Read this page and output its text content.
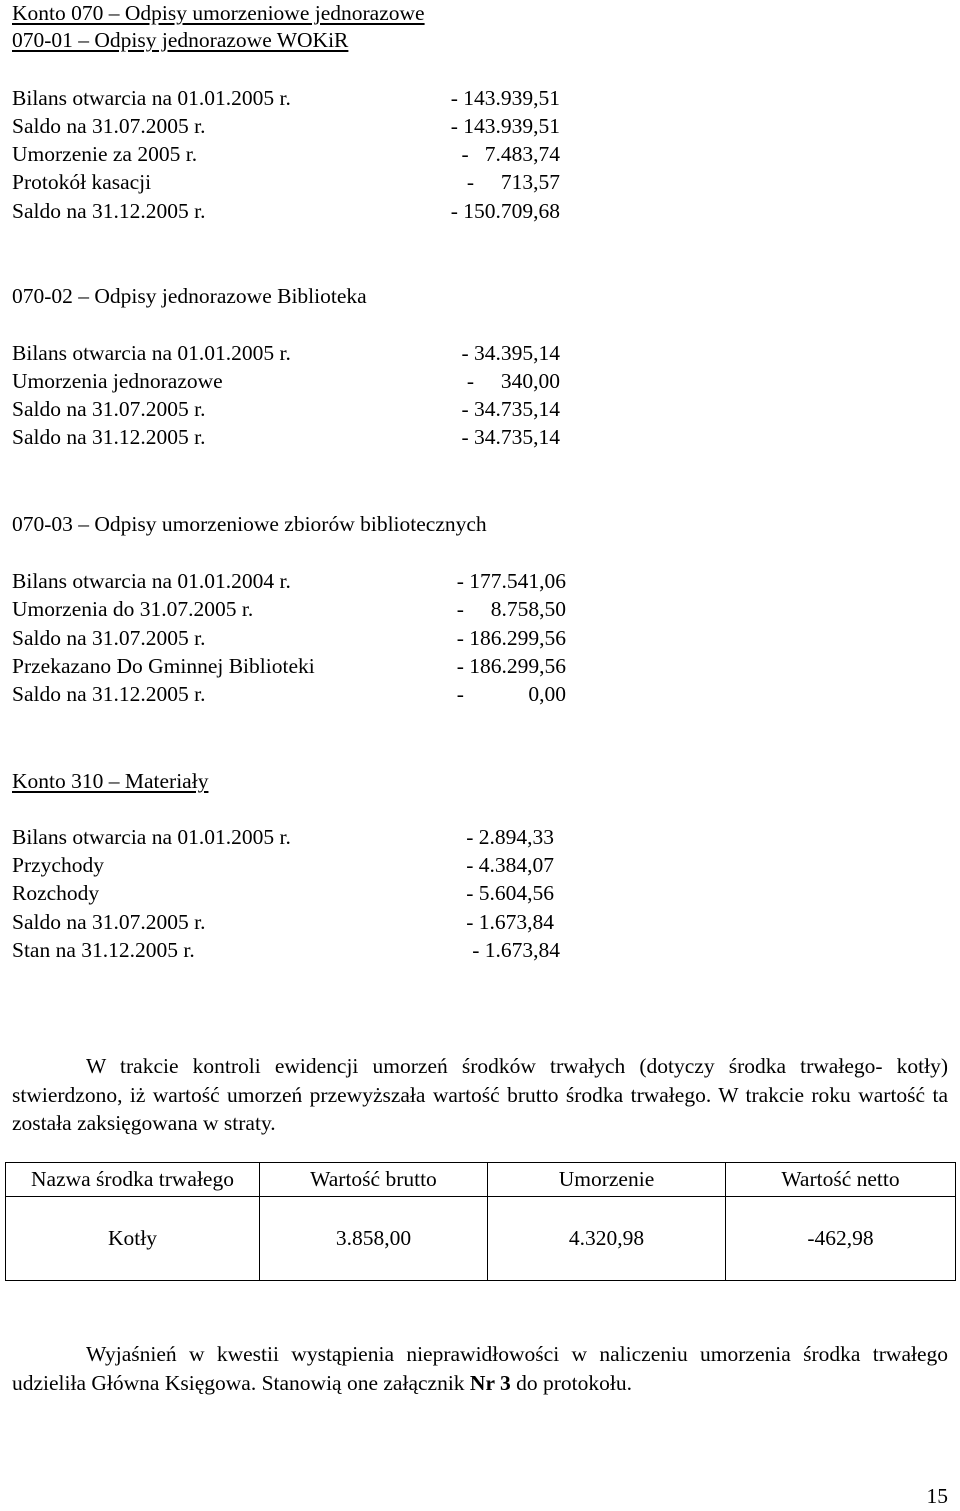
Konto 070 – Odpisy umorzeniowe jednorazowe
070-01 – Odpisy jednorazowe WOKiR
Bilans otwarcia na 01.01.2005 r.	- 143.939,51
Saldo na 31.07.2005 r.	- 143.939,51
Umorzenie za 2005 r.	-   7.483,74
Protokół kasacji	-     713,57
Saldo na 31.12.2005 r.	- 150.709,68
070-02 – Odpisy jednorazowe Biblioteka
Bilans otwarcia na 01.01.2005 r.	- 34.395,14
Umorzenia jednorazowe	-     340,00
Saldo na 31.07.2005 r.	- 34.735,14
Saldo na 31.12.2005 r.	- 34.735,14
070-03 – Odpisy umorzeniowe zbiorów bibliotecznych
Bilans otwarcia na 01.01.2004 r.	- 177.541,06
Umorzenia do 31.07.2005 r.	-     8.758,50
Saldo na 31.07.2005 r.	- 186.299,56
Przekazano Do Gminnej Biblioteki	- 186.299,56
Saldo na 31.12.2005 r.	-            0,00
Konto 310 – Materiały
Bilans otwarcia na 01.01.2005 r.	- 2.894,33
Przychody	- 4.384,07
Rozchody	- 5.604,56
Saldo na 31.07.2005 r.	- 1.673,84
Stan na 31.12.2005 r.	- 1.673,84
W trakcie kontroli ewidencji umorzeń środków trwałych (dotyczy środka trwałego- kotły) stwierdzono, iż wartość umorzeń przewyższała wartość brutto środka trwałego. W trakcie roku wartość ta została zaksięgowana w straty.
Nazwa środka trwałego	Wartość brutto	Umorzenie	Wartość netto
Kotły	3.858,00	4.320,98	-462,98
Wyjaśnień w kwestii wystąpienia nieprawidłowości w naliczeniu umorzenia środka trwałego udzieliła Główna Księgowa. Stanowią one załącznik Nr 3 do protokołu.
15
